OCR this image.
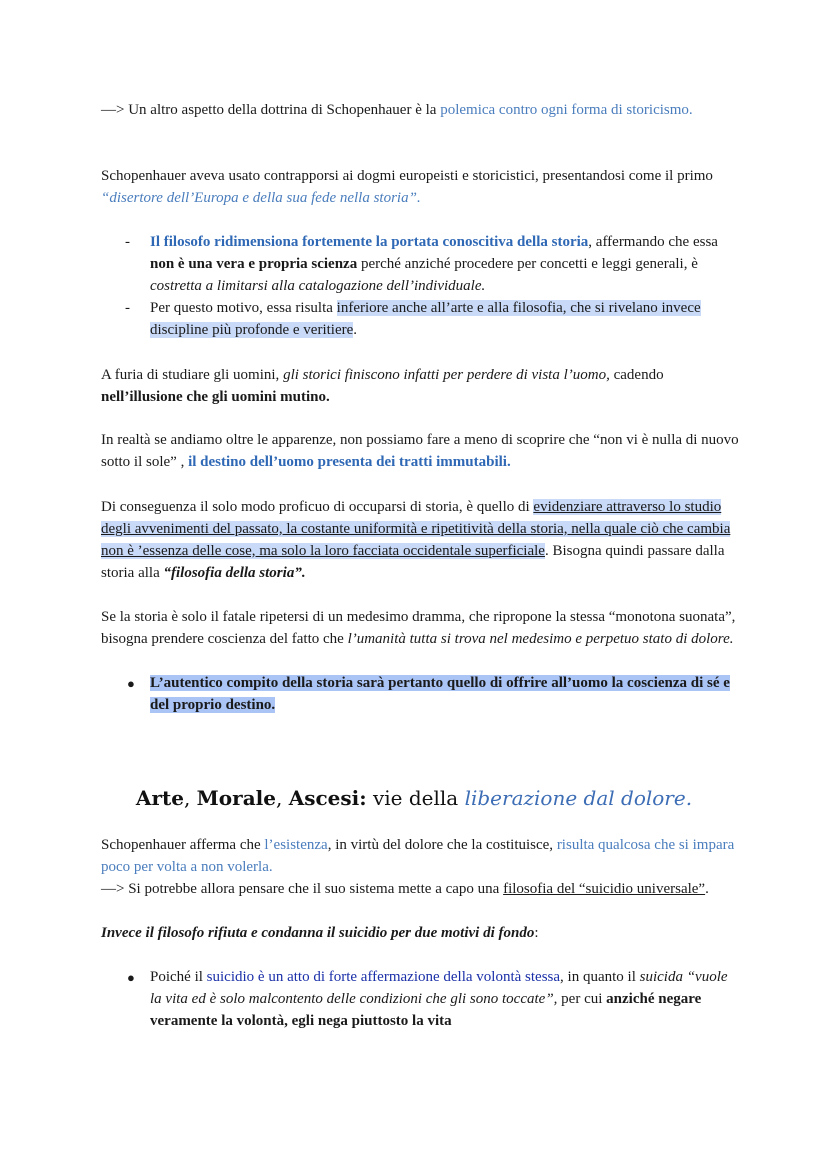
—> Un altro aspetto della dottrina di Schopenhauer è la polemica contro ogni forma di storicismo.

Schopenhauer aveva usato contrapporsi ai dogmi europeisti e storicistici, presentandosi come il primo “disertore dell’Europa e della sua fede nella storia”.

- Il filosofo ridimensiona fortemente la portata conoscitiva della storia, affermando che essa non è una vera e propria scienza perché anziché procedere per concetti e leggi generali, è costretta a limitarsi alla catalogazione dell’individuale.

- Per questo motivo, essa risulta inferiore anche all’arte e alla filosofia, che si rivelano invece discipline più profonde e veritiere.

A furia di studiare gli uomini, gli storici finiscono infatti per perdere di vista l’uomo, cadendo nell’illusione che gli uomini mutino.

In realtà se andiamo oltre le apparenze, non possiamo fare a meno di scoprire che “non vi è nulla di nuovo sotto il sole” , il destino dell’uomo presenta dei tratti immutabili.

Di conseguenza il solo modo proficuo di occuparsi di storia, è quello di evidenziare attraverso lo studio degli avvenimenti del passato, la costante uniformità e ripetitività della storia, nella quale ciò che cambia non è ’essenza delle cose, ma solo la loro facciata occidentale superficiale. Bisogna quindi passare dalla storia alla “filosofia della storia”.

Se la storia è solo il fatale ripetersi di un medesimo dramma, che ripropone la stessa “monotona suonata”, bisogna prendere coscienza del fatto che l’umanità tutta si trova nel medesimo e perpetuo stato di dolore.

● L’autentico compito della storia sarà pertanto quello di offrire all’uomo la coscienza di sé e del proprio destino.

Arte, Morale, Ascesi: vie della liberazione dal dolore.

Schopenhauer afferma che l’esistenza, in virtù del dolore che la costituisce, risulta qualcosa che si impara poco per volta a non volerla.

—> Si potrebbe allora pensare che il suo sistema mette a capo una filosofia del “suicidio universale”.

Invece il filosofo rifiuta e condanna il suicidio per due motivi di fondo:

● Poiché il suicidio è un atto di forte affermazione della volontà stessa, in quanto il suicida “vuole la vita ed è solo malcontento delle condizioni che gli sono toccate”, per cui anziché negare veramente la volontà, egli nega piuttosto la vita
